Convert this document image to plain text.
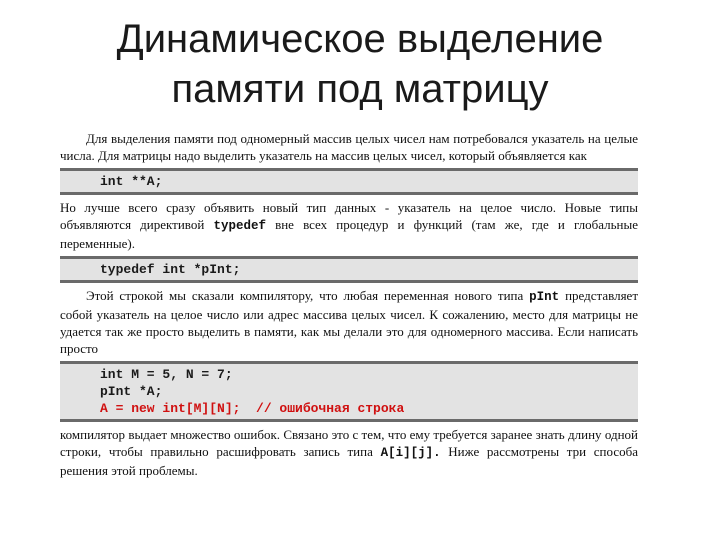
Динамическое выделение
памяти под матрицу

Для выделения памяти под одномерный массив целых чисел нам потребовался указатель на целые числа. Для матрицы надо выделить указатель на массив целых чисел, который объявляется как

int **A;

Но лучше всего сразу объявить новый тип данных - указатель на целое число. Новые типы объявляются директивой typedef вне всех процедур и функций (там же, где и глобальные переменные).

typedef int *pInt;

Этой строкой мы сказали компилятору, что любая переменная нового типа pInt представляет собой указатель на целое число или адрес массива целых чисел. К сожалению, место для матрицы не удается так же просто выделить в памяти, как мы делали это для одномерного массива. Если написать просто

int M = 5, N = 7;
pInt *A;
A = new int[M][N];  // ошибочная строка

компилятор выдает множество ошибок. Связано это с тем, что ему требуется заранее знать длину одной строки, чтобы правильно расшифровать запись типа A[i][j]. Ниже рассмотрены три способа решения этой проблемы.
